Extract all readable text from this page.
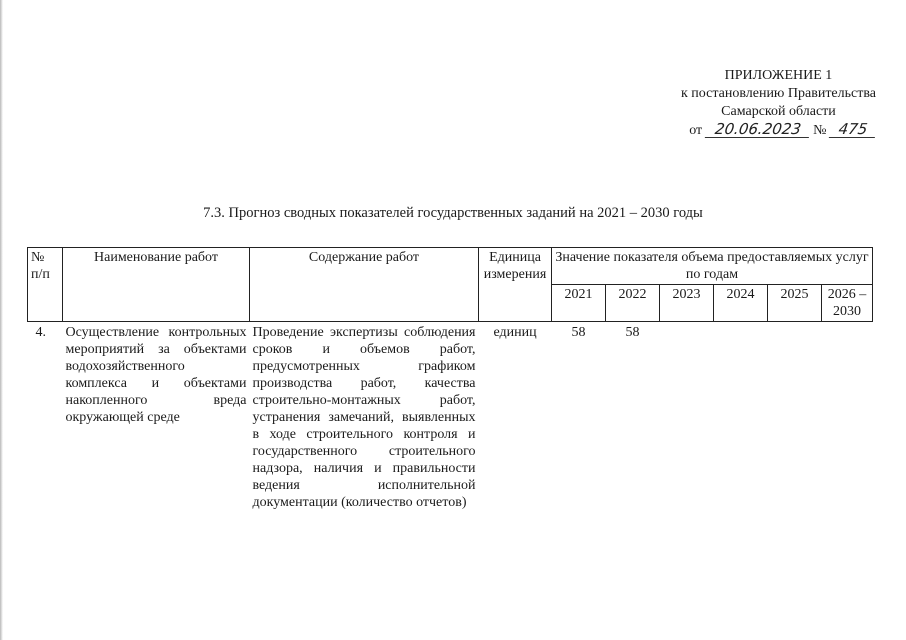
ПРИЛОЖЕНИЕ 1
к постановлению Правительства
Самарской области
от 20.06.2023 № 475
7.3. Прогноз сводных показателей государственных заданий на 2021 – 2030 годы
№ п/п	Наименование работ	Содержание работ	Единица измерения	Значение показателя объема предоставляемых услуг по годам					
				2021	2022	2023	2024	2025	2026 – 2030
4.	Осуществление контрольных мероприятий за объектами водохозяйственного комплекса и объектами накопленного вреда окружающей среде	Проведение экспертизы соблюдения сроков и объемов работ, предусмотренных графиком производства работ, качества строительно-монтажных работ, устранения замечаний, выявленных в ходе строительного контроля и государственного строительного надзора, наличия и правильности ведения исполнительной документации (количество отчетов)	единиц	58	58				
